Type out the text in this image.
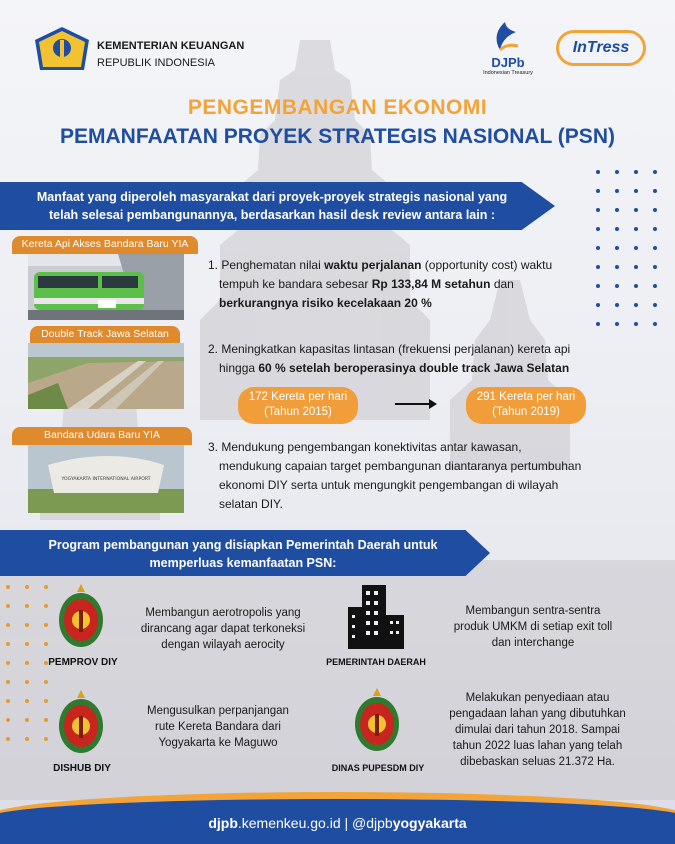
KEMENTERIAN KEUANGAN
REPUBLIK INDONESIA	DJPb
Indonesian Treasury
InTress
PENGEMBANGAN EKONOMI
PEMANFAATAN PROYEK STRATEGIS NASIONAL (PSN)
Manfaat yang diperoleh masyarakat dari proyek-proyek strategis nasional yang
telah selesai pembangunannya, berdasarkan hasil desk review antara lain :
Kereta Api Akses Bandara Baru YIA
Double Track Jawa Selatan
Bandara Udara Baru YIA
YOGYAKARTA INTERNATIONAL AIRPORT
1. Penghematan nilai waktu perjalanan (opportunity cost) waktu
tempuh ke bandara sebesar Rp 133,84 M setahun dan
berkurangnya risiko kecelakaan 20 %
2. Meningkatkan kapasitas lintasan (frekuensi perjalanan) kereta api
hingga 60 % setelah beroperasinya double track Jawa Selatan
172 Kereta per hari
(Tahun 2015)
291 Kereta per hari
(Tahun 2019)
3. Mendukung pengembangan konektivitas antar kawasan,
mendukung capaian target pembangunan diantaranya pertumbuhan
ekonomi DIY serta untuk mengungkit pengembangan di wilayah
selatan DIY.
Program pembangunan yang disiapkan Pemerintah Daerah untuk
memperluas kemanfaatan PSN:
PEMPROV DIY
Membangun aerotropolis yang
dirancang agar dapat terkoneksi
dengan wilayah aerocity
PEMERINTAH DAERAH
Membangun sentra-sentra
produk UMKM di setiap exit toll
dan interchange
DISHUB DIY
Mengusulkan perpanjangan
rute Kereta Bandara dari
Yogyakarta ke Maguwo
DINAS PUPESDM DIY
Melakukan penyediaan atau
pengadaan lahan yang dibutuhkan
dimulai dari tahun 2018. Sampai
tahun 2022 luas lahan yang telah
dibebaskan seluas 21.372 Ha.
djpb.kemenkeu.go.id | @djpbyogyakarta
